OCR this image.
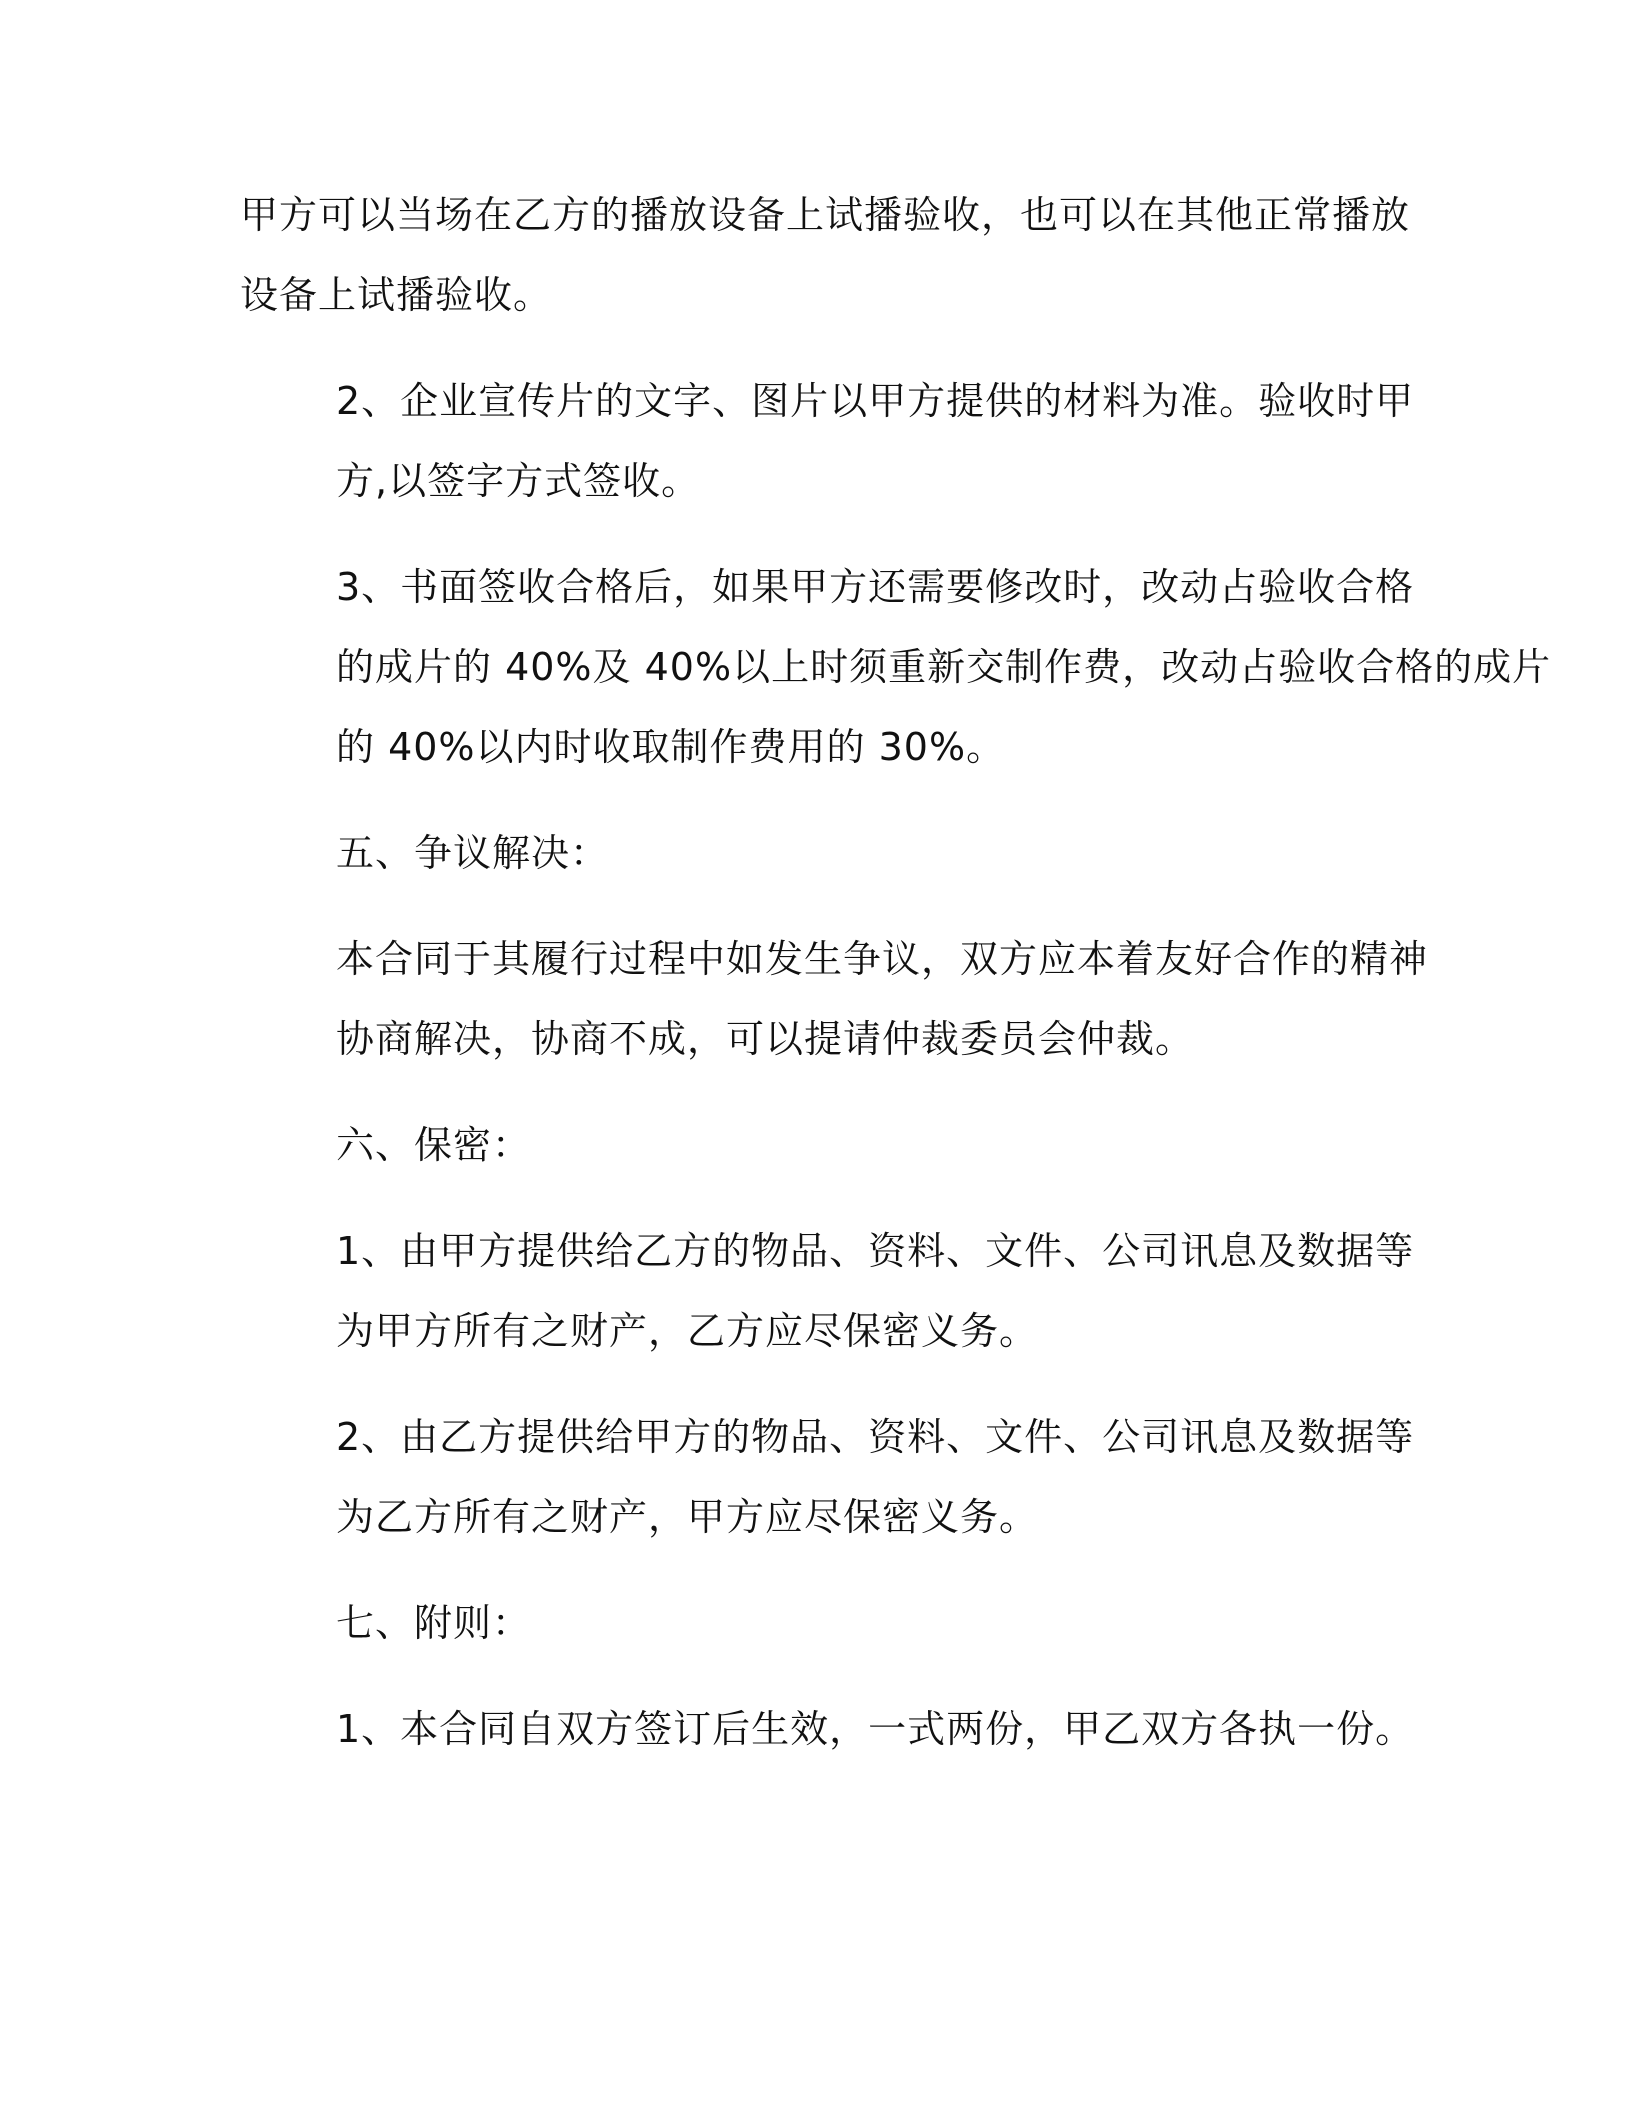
甲方可以当场在乙方的播放设备上试播验收，也可以在其他正常播放
设备上试播验收。

2、企业宣传片的文字、图片以甲方提供的材料为准。验收时甲
方,以签字方式签收。

3、书面签收合格后，如果甲方还需要修改时，改动占验收合格
的成片的 40%及 40%以上时须重新交制作费，改动占验收合格的成片
的 40%以内时收取制作费用的 30%。

五、争议解决：

本合同于其履行过程中如发生争议，双方应本着友好合作的精神
协商解决，协商不成，可以提请仲裁委员会仲裁。

六、保密：

1、由甲方提供给乙方的物品、资料、文件、公司讯息及数据等
为甲方所有之财产，乙方应尽保密义务。

2、由乙方提供给甲方的物品、资料、文件、公司讯息及数据等
为乙方所有之财产，甲方应尽保密义务。

七、附则：

1、本合同自双方签订后生效，一式两份，甲乙双方各执一份。
